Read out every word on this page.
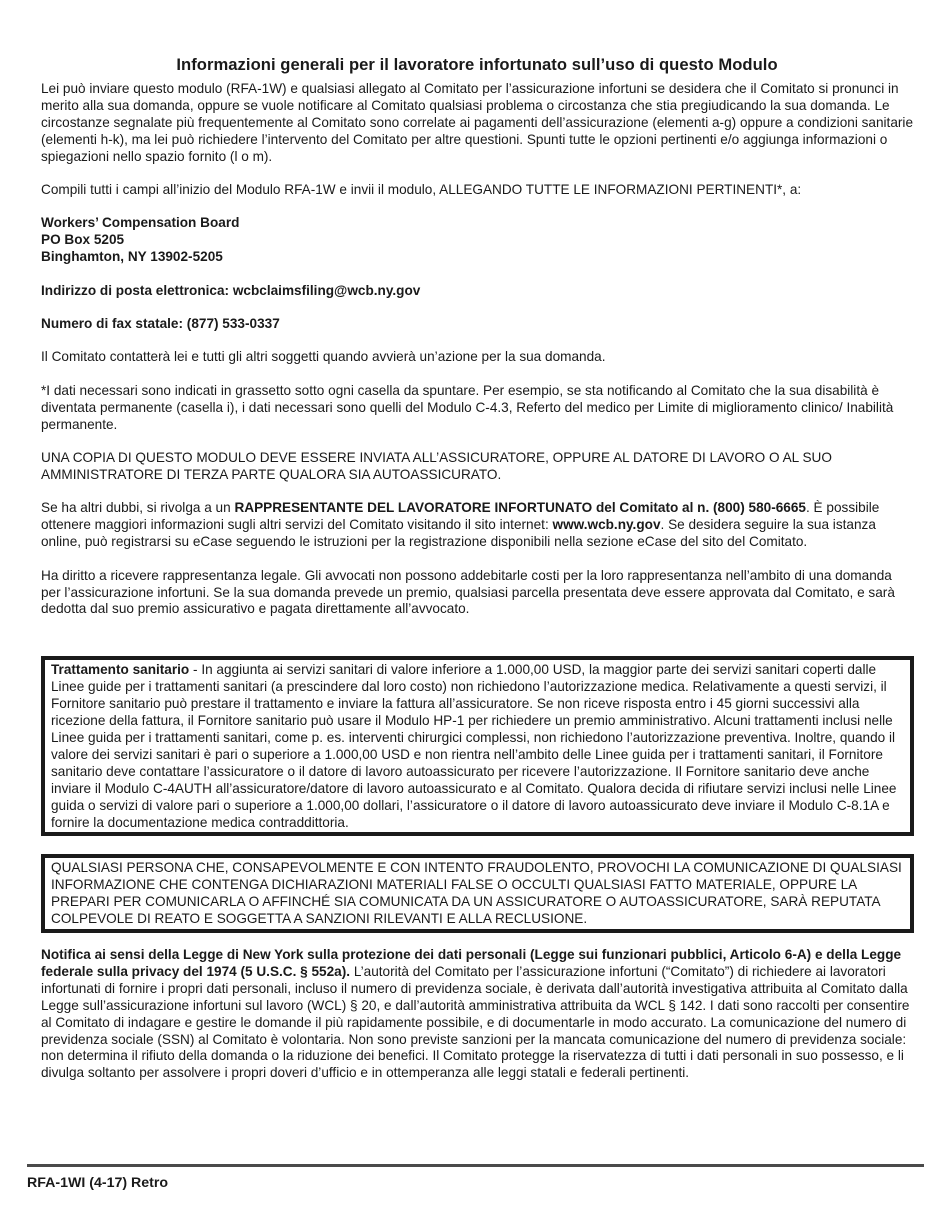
Informazioni generali per il lavoratore infortunato sull’uso di questo Modulo

Lei può inviare questo modulo (RFA-1W) e qualsiasi allegato al Comitato per l’assicurazione infortuni se desidera che il Comitato si pronunci in merito alla sua domanda, oppure se vuole notificare al Comitato qualsiasi problema o circostanza che stia pregiudicando la sua domanda. Le circostanze segnalate più frequentemente al Comitato sono correlate ai pagamenti dell’assicurazione (elementi a-g) oppure a condizioni sanitarie (elementi h-k), ma lei può richiedere l’intervento del Comitato per altre questioni. Spunti tutte le opzioni pertinenti e/o aggiunga informazioni o spiegazioni nello spazio fornito (l o m).

Compili tutti i campi all’inizio del Modulo RFA-1W e invii il modulo, ALLEGANDO TUTTE LE INFORMAZIONI PERTINENTI*, a:

Workers’ Compensation Board
PO Box 5205
Binghamton, NY 13902-5205

Indirizzo di posta elettronica: wcbclaimsfiling@wcb.ny.gov

Numero di fax statale: (877) 533-0337

Il Comitato contatterà lei e tutti gli altri soggetti quando avvierà un’azione per la sua domanda.

*I dati necessari sono indicati in grassetto sotto ogni casella da spuntare. Per esempio, se sta notificando al Comitato che la sua disabilità è diventata permanente (casella i), i dati necessari sono quelli del Modulo C-4.3, Referto del medico per Limite di miglioramento clinico/ Inabilità permanente.

UNA COPIA DI QUESTO MODULO DEVE ESSERE INVIATA ALL’ASSICURATORE, OPPURE AL DATORE DI LAVORO O AL SUO AMMINISTRATORE DI TERZA PARTE QUALORA SIA AUTOASSICURATO.

Se ha altri dubbi, si rivolga a un RAPPRESENTANTE DEL LAVORATORE INFORTUNATO del Comitato al n. (800) 580-6665. È possibile ottenere maggiori informazioni sugli altri servizi del Comitato visitando il sito internet: www.wcb.ny.gov. Se desidera seguire la sua istanza online, può registrarsi su eCase seguendo le istruzioni per la registrazione disponibili nella sezione eCase del sito del Comitato.

Ha diritto a ricevere rappresentanza legale. Gli avvocati non possono addebitarle costi per la loro rappresentanza nell’ambito di una domanda per l’assicurazione infortuni. Se la sua domanda prevede un premio, qualsiasi parcella presentata deve essere approvata dal Comitato, e sarà dedotta dal suo premio assicurativo e pagata direttamente all’avvocato.

Trattamento sanitario - In aggiunta ai servizi sanitari di valore inferiore a 1.000,00 USD, la maggior parte dei servizi sanitari coperti dalle Linee guide per i trattamenti sanitari (a prescindere dal loro costo) non richiedono l’autorizzazione medica. Relativamente a questi servizi, il Fornitore sanitario può prestare il trattamento e inviare la fattura all’assicuratore. Se non riceve risposta entro i 45 giorni successivi alla ricezione della fattura, il Fornitore sanitario può usare il Modulo HP-1 per richiedere un premio amministrativo. Alcuni trattamenti inclusi nelle Linee guida per i trattamenti sanitari, come p. es. interventi chirurgici complessi, non richiedono l’autorizzazione preventiva. Inoltre, quando il valore dei servizi sanitari è pari o superiore a 1.000,00 USD e non rientra nell’ambito delle Linee guida per i trattamenti sanitari, il Fornitore sanitario deve contattare l’assicuratore o il datore di lavoro autoassicurato per ricevere l’autorizzazione. Il Fornitore sanitario deve anche inviare il Modulo C-4AUTH all’assicuratore/datore di lavoro autoassicurato e al Comitato. Qualora decida di rifiutare servizi inclusi nelle Linee guida o servizi di valore pari o superiore a 1.000,00 dollari, l’assicuratore o il datore di lavoro autoassicurato deve inviare il Modulo C-8.1A e fornire la documentazione medica contraddittoria.
QUALSIASI PERSONA CHE, CONSAPEVOLMENTE E CON INTENTO FRAUDOLENTO, PROVOCHI LA COMUNICAZIONE DI QUALSIASI INFORMAZIONE CHE CONTENGA DICHIARAZIONI MATERIALI FALSE O OCCULTI QUALSIASI FATTO MATERIALE, OPPURE LA PREPARI PER COMUNICARLA O AFFINCHÉ SIA COMUNICATA DA UN ASSICURATORE O AUTOASSICURATORE, SARÀ REPUTATA COLPEVOLE DI REATO E SOGGETTA A SANZIONI RILEVANTI E ALLA RECLUSIONE.

Notifica ai sensi della Legge di New York sulla protezione dei dati personali (Legge sui funzionari pubblici, Articolo 6-A) e della Legge federale sulla privacy del 1974 (5 U.S.C. § 552a). L’autorità del Comitato per l’assicurazione infortuni (“Comitato”) di richiedere ai lavoratori infortunati di fornire i propri dati personali, incluso il numero di previdenza sociale, è derivata dall’autorità investigativa attribuita al Comitato dalla Legge sull’assicurazione infortuni sul lavoro (WCL) § 20, e dall’autorità amministrativa attribuita da WCL § 142. I dati sono raccolti per consentire al Comitato di indagare e gestire le domande il più rapidamente possibile, e di documentarle in modo accurato. La comunicazione del numero di previdenza sociale (SSN) al Comitato è volontaria. Non sono previste sanzioni per la mancata comunicazione del numero di previdenza sociale: non determina il rifiuto della domanda o la riduzione dei benefici. Il Comitato protegge la riservatezza di tutti i dati personali in suo possesso, e li divulga soltanto per assolvere i propri doveri d’ufficio e in ottemperanza alle leggi statali e federali pertinenti.

RFA-1WI (4-17) Retro
